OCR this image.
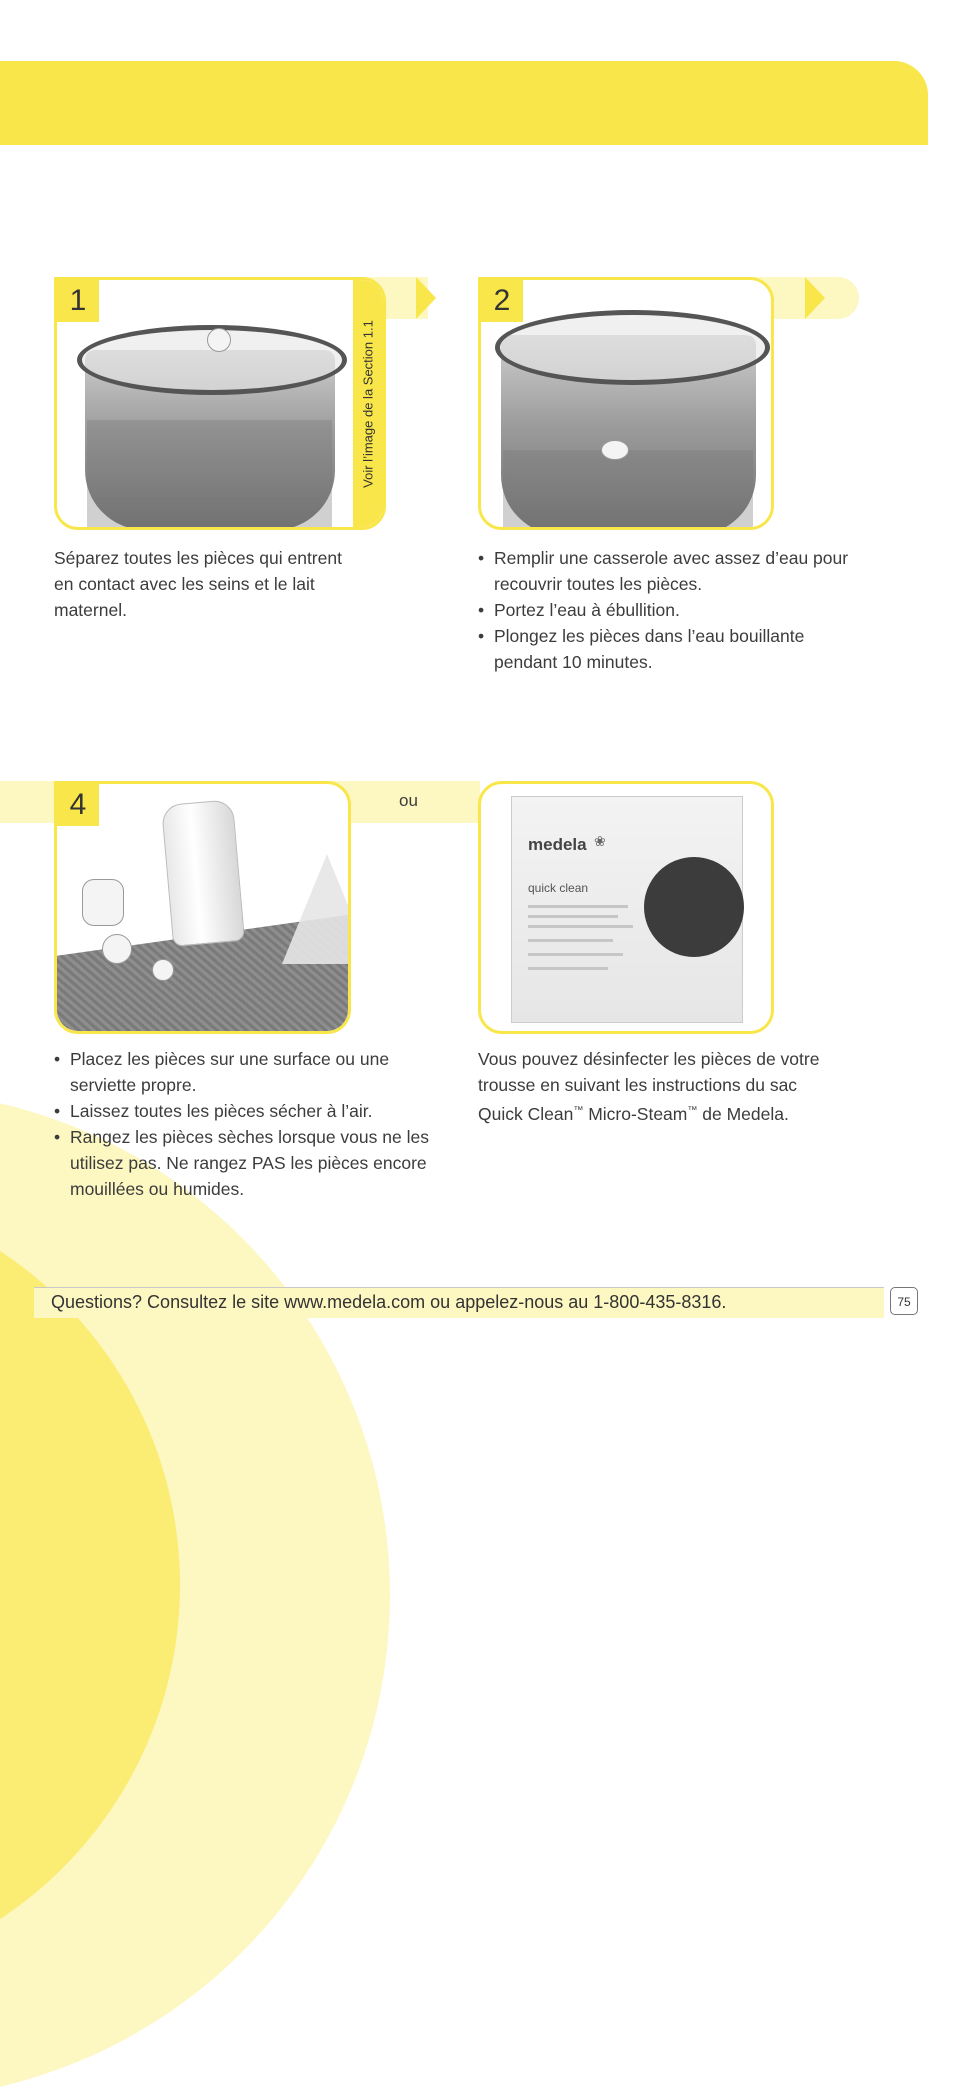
1
Voir l’image de la Section 1.1
2
4	ou
medela ❀
quick clean
Séparez toutes les pièces qui entrent en contact avec les seins et le lait maternel.
• Remplir une casserole avec assez d’eau pour recouvrir toutes les pièces.
• Portez l’eau à ébullition.
• Plongez les pièces dans l’eau bouillante pendant 10 minutes.
• Placez les pièces sur une surface ou une serviette propre.
• Laissez toutes les pièces sécher à l’air.
• Rangez les pièces sèches lorsque vous ne les utilisez pas. Ne rangez PAS les pièces encore mouillées ou humides.
Vous pouvez désinfecter les pièces de votre trousse en suivant les instructions du sac Quick Clean™ Micro-Steam™ de Medela.
Questions? Consultez le site www.medela.com ou appelez-nous au 1-800-435-8316.	75
